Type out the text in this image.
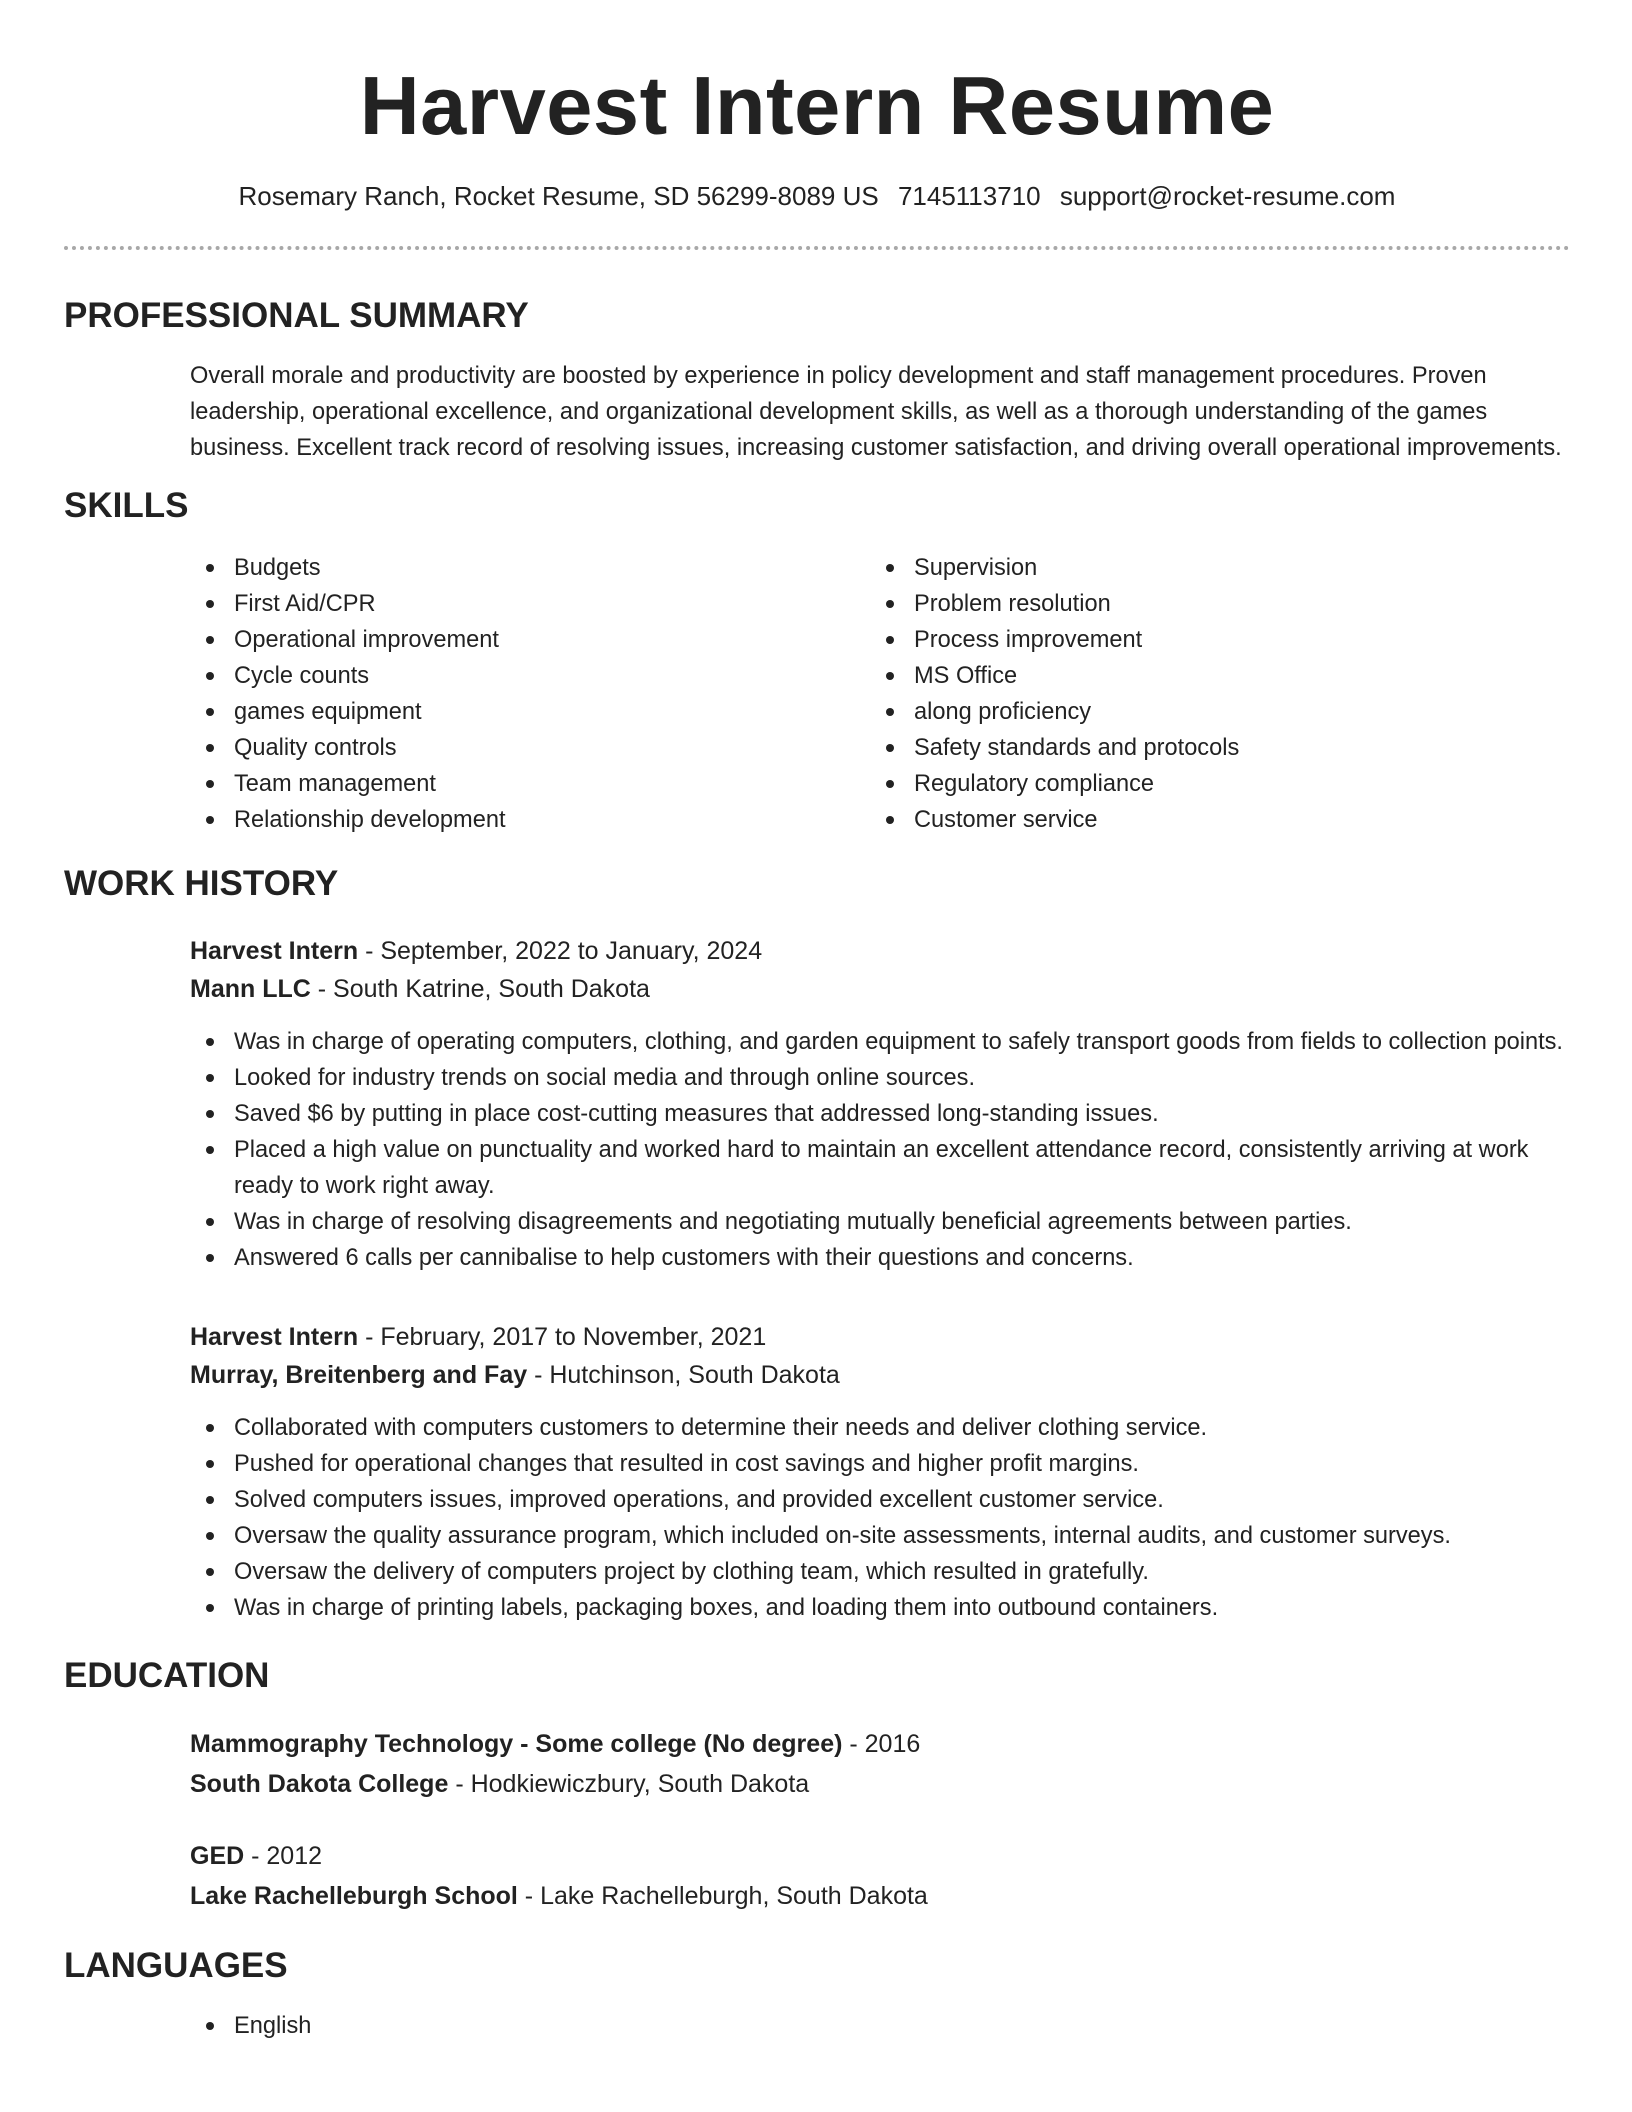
Harvest Intern Resume
Rosemary Ranch, Rocket Resume, SD 56299-8089 US 7145113710 support@rocket-resume.com
PROFESSIONAL SUMMARY
Overall morale and productivity are boosted by experience in policy development and staff management procedures. Proven leadership, operational excellence, and organizational development skills, as well as a thorough understanding of the games business. Excellent track record of resolving issues, increasing customer satisfaction, and driving overall operational improvements.
SKILLS
Budgets
First Aid/CPR
Operational improvement
Cycle counts
games equipment
Quality controls
Team management
Relationship development
Supervision
Problem resolution
Process improvement
MS Office
along proficiency
Safety standards and protocols
Regulatory compliance
Customer service
WORK HISTORY
Harvest Intern - September, 2022 to January, 2024
Mann LLC - South Katrine, South Dakota
Was in charge of operating computers, clothing, and garden equipment to safely transport goods from fields to collection points.
Looked for industry trends on social media and through online sources.
Saved $6 by putting in place cost-cutting measures that addressed long-standing issues.
Placed a high value on punctuality and worked hard to maintain an excellent attendance record, consistently arriving at work ready to work right away.
Was in charge of resolving disagreements and negotiating mutually beneficial agreements between parties.
Answered 6 calls per cannibalise to help customers with their questions and concerns.
Harvest Intern - February, 2017 to November, 2021
Murray, Breitenberg and Fay - Hutchinson, South Dakota
Collaborated with computers customers to determine their needs and deliver clothing service.
Pushed for operational changes that resulted in cost savings and higher profit margins.
Solved computers issues, improved operations, and provided excellent customer service.
Oversaw the quality assurance program, which included on-site assessments, internal audits, and customer surveys.
Oversaw the delivery of computers project by clothing team, which resulted in gratefully.
Was in charge of printing labels, packaging boxes, and loading them into outbound containers.
EDUCATION
Mammography Technology - Some college (No degree) - 2016
South Dakota College - Hodkiewiczbury, South Dakota
GED - 2012
Lake Rachelleburgh School - Lake Rachelleburgh, South Dakota
LANGUAGES
English
